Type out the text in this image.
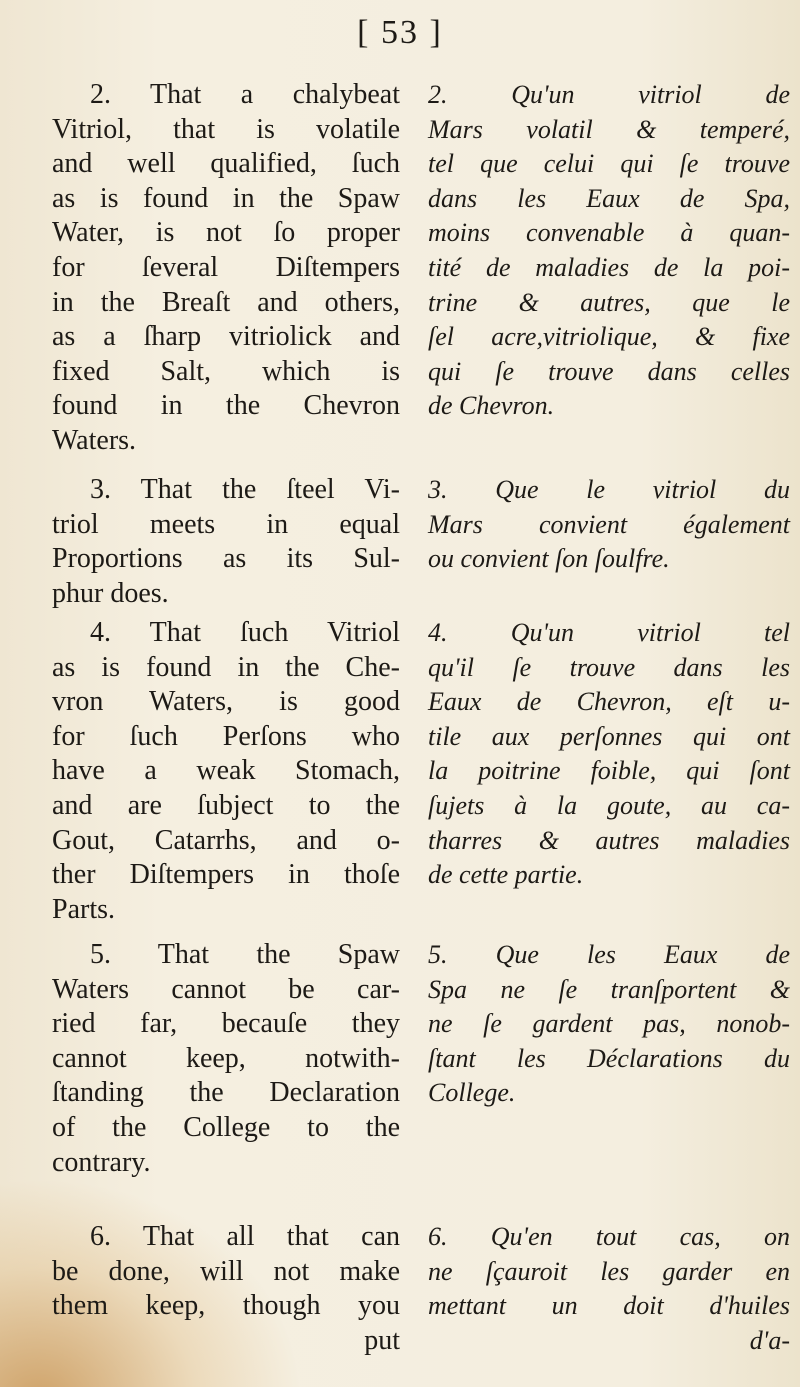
[ 53 ]
2. That a chalybeat
Vitriol, that is volatile
and well qualified, ſuch
as is found in the Spaw
Water, is not ſo proper
for ſeveral Diſtempers
in the Breaſt and others,
as a ſharp vitriolick and
fixed Salt, which is
found in the Chevron
Waters.
3. That the ſteel Vi-
triol meets in equal
Proportions as its Sul-
phur does.
4. That ſuch Vitriol
as is found in the Che-
vron Waters, is good
for ſuch Perſons who
have a weak Stomach,
and are ſubject to the
Gout, Catarrhs, and o-
ther Diſtempers in thoſe
Parts.
5. That the Spaw
Waters cannot be car-
ried far, becauſe they
cannot keep, notwith-
ſtanding the Declaration
of the College to the
contrary.
6. That all that can
be done, will not make
them keep, though you
put
2. Qu'un vitriol de
Mars volatil & temperé,
tel que celui qui ſe trouve
dans les Eaux de Spa,
moins convenable à quan-
tité de maladies de la poi-
trine & autres, que le
ſel acre,vitriolique, & fixe
qui ſe trouve dans celles
de Chevron.
3. Que le vitriol du
Mars convient également
ou convient ſon ſoulfre.
4. Qu'un vitriol tel
qu'il ſe trouve dans les
Eaux de Chevron, eſt u-
tile aux perſonnes qui ont
la poitrine foible, qui ſont
ſujets à la goute, au ca-
tharres & autres maladies
de cette partie.
5. Que les Eaux de
Spa ne ſe tranſportent &
ne ſe gardent pas, nonob-
ſtant les Déclarations du
College.
6. Qu'en tout cas, on
ne ſçauroit les garder en
mettant un doit d'huiles
d'a-
